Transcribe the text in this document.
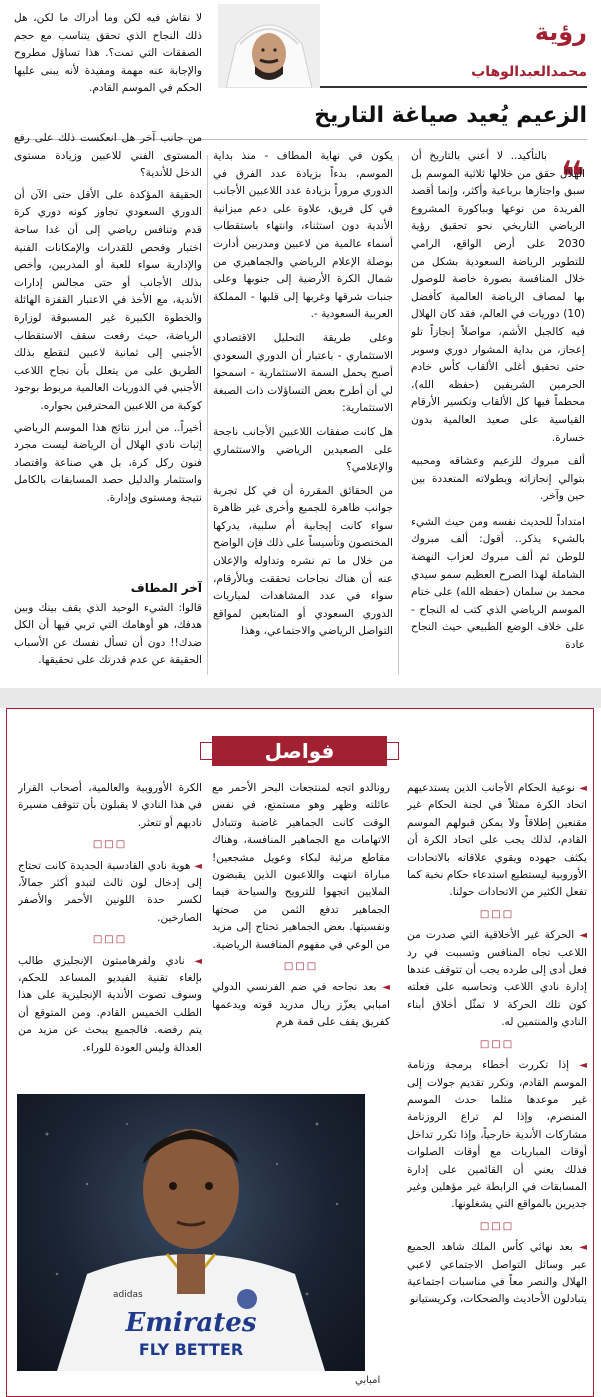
رؤية
محمدالعبدالوهاب
الزعيم يُعيد صياغة التاريخ
❝

بالتأكيد.. لا أعني بالتاريخ أن الهلال حقق من خلالها ثلاثية الموسم بل سبق واجتازها برباعية وأكثر، وإنما أقصد الفريدة من نوعها وبباكورة المشروع الرياضي التاريخي نحو تحقيق رؤية 2030 على أرض الواقع، الرامي للتطوير الرياضة السعودية بشكل من خلال المنافسة بصورة خاصة للوصول بها لمصاف الرياضة العالمية كأفضل (10) دوريات في العالم، فقد كان الهلال فيه كالجبل الأشم، مواصلاً إنجازاً تلو إعجاز، من بداية المشوار دوري وسوبر حتى تحقيق أغلى الألقاب كأس خادم الحرمين الشريفين (حفظه الله)، محطماً فيها كل الألقاب وتكسير الأرقام القياسية على صعيد العالمية بدون خسارة.

ألف مبروك للزعيم وعشاقه ومحبيه بتوالي إنجازاته وبطولاته المتعددة بين حين وآخر.

امتداداً للحديث نفسه ومن حيث الشيء بالشيء يذكر.. أقول: ألف مبروك للوطن ثم ألف مبروك لعزاب النهضة الشاملة لهذا الصرح العظيم سمو سيدي محمد بن سلمان (حفظه الله) على ختام الموسم الرياضي الذي كتب له النجاح - على خلاف الوضع الطبيعي حيث النجاح عادة

يكون في نهاية المطاف - منذ بداية الموسم، بدءاً بزيادة عدد الفرق في الدوري مروراً بزيادة عدد اللاعبين الأجانب في كل فريق، علاوة على دعم ميزانية الأندية دون استثناء، وانتهاء باستقطاب أسماء عالمية من لاعبين ومدربين أدارت بوصلة الإعلام الرياضي والجماهيري من شمال الكرة الأرضية إلى جنوبها وعلى جنبات شرقها وغربها إلى قلبها - المملكة العربية السعودية -.

وعلى طريقة التحليل الاقتصادي الاستثماري - باعتبار أن الدوري السعودي أصبح يحمل السمة الاستثمارية - اسمحوا لي أن أطرح بعض التساؤلات ذات الصبغة الاستثمارية:

هل كانت صفقات اللاعبين الأجانب ناجحة على الصعيدين الرياضي والاستثماري والإعلامي؟

من الحقائق المقررة أن في كل تجربة جوانب ظاهرة للجميع وأخرى غير ظاهرة سواء كانت إيجابية أم سلبية، يدركها المختصون وتأسيساً على ذلك فإن الواضح من خلال ما تم نشره وتداوله والإعلان عنه أن هناك نجاحات تحققت وبالأرقام، سواء في عدد المشاهدات لمباريات الدوري السعودي أو المتابعين لمواقع التواصل الرياضي والاجتماعي، وهذا

لا نقاش فيه لكن وما أدراك ما لكن، هل ذلك النجاح الذي تحقق يتناسب مع حجم الصفقات التي تمت؟. هذا تساؤل مطروح والإجابة عنه مهمة ومفيدة لأنه يبنى عليها الحكم في الموسم القادم.

من جانب آخر هل انعكست ذلك على رفع المستوى الفني للاعبين وزيادة مستوى الدخل للأندية؟

الحقيقة المؤكدة على الأقل حتى الآن أن الدوري السعودي تجاوز كونه دوري كرة قدم وتنافس رياضي إلى أن غدا ساحة اختبار وفحص للقدرات والإمكانات الفنية والإدارية سواء للعبة أو المدربين، وأخص بذلك الأجانب أو حتى مجالس إدارات الأندية، مع الأخذ في الاعتبار القفزة الهائلة والخطوة الكبيرة غير المسبوقة لوزارة الرياضة، حيث رفعت سقف الاستقطاب الأجنبي إلى ثمانية لاعبين لتقطع بذلك الطريق على من يتعلل بأن نجاح اللاعب الأجنبي في الدوريات العالمية مربوط بوجود كوكبة من اللاعبين المحترفين بجواره.

أخيراً.. من أبرز نتائج هذا الموسم الرياضي إثبات نادي الهلال أن الرياضة ليست مجرد فنون ركل كرة، بل هي صناعة واقتصاد واستثمار والدليل حصد المسابقات بالكامل نتيجة ومستوى وإدارة.

آخر المطاف

قالوا: الشيء الوحيد الذي يقف بينك وبين هدفك، هو أوهامك التي تربي فيها أن الكل ضدك!! دون أن تسأل نفسك عن الأسباب الحقيقة عن عدم قدرتك على تحقيقها.

فواصل

◄ نوعية الحكام الأجانب الذين يستدعيهم اتحاد الكرة ممثلاً في لجنة الحكام غير مقنعين إطلاقاً ولا يمكن قبولهم الموسم القادم، لذلك يجب على اتحاد الكرة أن يكثف جهوده ويقوي علاقاته بالاتحادات الأوروبية ليستطيع استدعاء حكام نخبة كما تفعل الكثير من الاتحادات حولنا.

□□□

◄ الحركة غير الأخلاقية التي صدرت من اللاعب تجاه المنافس وتسببت في رد فعل أدى إلى طرده يجب أن تتوقف عندها إدارة نادي اللاعب وتحاسبه على فعلته كون تلك الحركة لا تمثّل أخلاق أبناء النادي والمنتمين له.

□□□

◄ إذا تكررت أخطاء برمجة وزنامة الموسم القادم، وتكرر تقديم جولات إلى غير موعدها مثلما حدث الموسم المنصرم، وإذا لم تراع الروزنامة مشاركات الأندية خارجياً، وإذا تكرر تداخل أوقات المباريات مع أوقات الصلوات فذلك يعني أن القائمين على إدارة المسابقات في الرابطة غير مؤهلين وغير جديرين بالمواقع التي يشغلونها.

□□□

◄ بعد نهائي كأس الملك شاهد الجميع عبر وسائل التواصل الاجتماعي لاعبي الهلال والنصر معاً في مناسبات اجتماعية يتبادلون الأحاديث والضحكات، وكريستيانو

رونالدو اتجه لمنتجعات البحر الأحمر مع عائلته وظهر وهو مستمتع، في نفس الوقت كانت الجماهير غاضبة وتتبادل الاتهامات مع الجماهير المنافسة، وهناك مقاطع مرئية لبكاء وعويل مشجعين! مباراة انتهت واللاعبون الذين يقبضون الملايين اتجهوا للترويح والسياحة فيما الجماهير تدفع الثمن من صحتها ونفسيتها. بعض الجماهير تحتاج إلى مزيد من الوعي في مفهوم المنافسة الرياضية.

□□□

◄ بعد نجاحه في ضم الفرنسي الدولي امبابي يعزّز ريال مدريد قوته ويدعمها كفريق يقف على قمة هرم

الكرة الأوروبية والعالمية، أصحاب القرار في هذا النادي لا يقبلون بأن تتوقف مسيرة ناديهم أو تتعثر.

□□□

◄ هوية نادي القادسية الجديدة كانت تحتاج إلى إدخال لون ثالث لتبدو أكثر جمالاً، لكسر حدة اللونين الأحمر والأصفر الصارخين.

□□□

◄ نادي ولفرهامبتون الإنجليزي طالب بإلغاء تقنية الفيديو المساعد للحكم، وسوف تصوت الأندية الإنجليزية على هذا الطلب الخميس القادم. ومن المتوقع أن يتم رفضه. فالجميع يبحث عن مزيد من العدالة وليس العودة للوراء.

Emirates
FLY BETTER
adidas
امبابي
